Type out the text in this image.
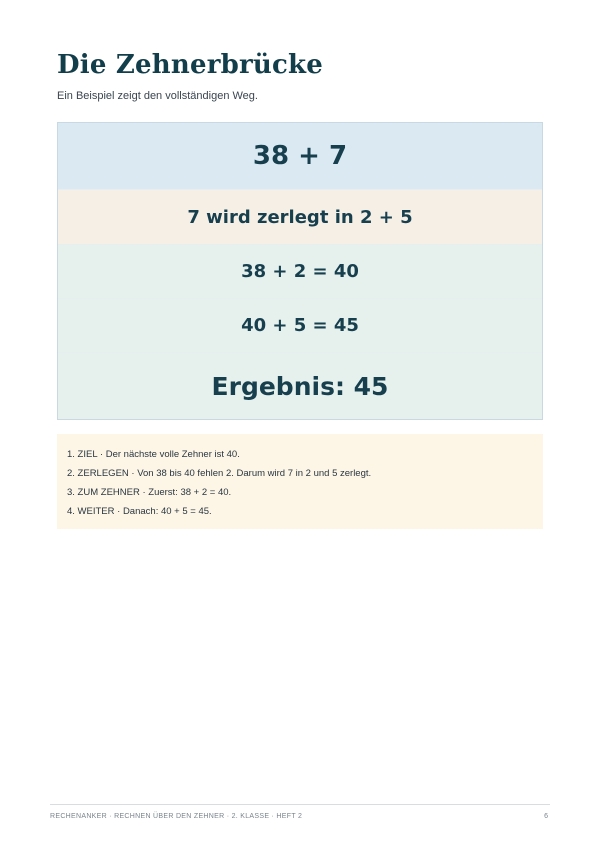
Die Zehnerbrücke
Ein Beispiel zeigt den vollständigen Weg.
38 + 7
7 wird zerlegt in 2 + 5
38 + 2 = 40
40 + 5 = 45
Ergebnis: 45
1. ZIEL · Der nächste volle Zehner ist 40.
2. ZERLEGEN · Von 38 bis 40 fehlen 2. Darum wird 7 in 2 und 5 zerlegt.
3. ZUM ZEHNER · Zuerst: 38 + 2 = 40.
4. WEITER · Danach: 40 + 5 = 45.
RECHENANKER · RECHNEN ÜBER DEN ZEHNER · 2. KLASSE · HEFT 2	6
